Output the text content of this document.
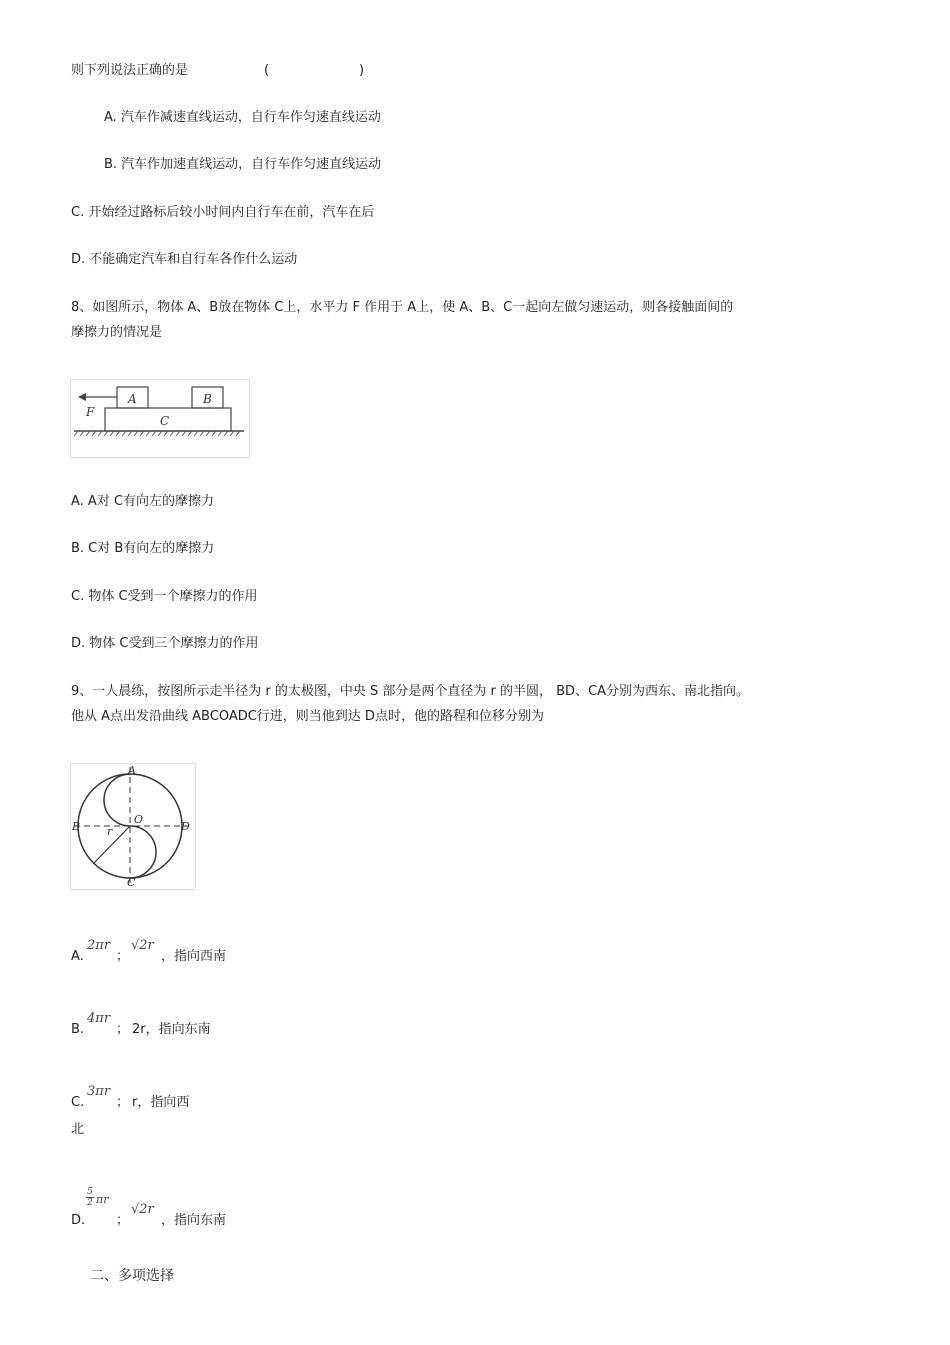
则下列说法正确的是	(	)
A. 汽车作减速直线运动，自行车作匀速直线运动
B. 汽车作加速直线运动，自行车作匀速直线运动
C. 开始经过路标后较小时间内自行车在前，汽车在后
D. 不能确定汽车和自行车各作什么运动
8、如图所示，物体 A、B放在物体 C上，水平力 F 作用于 A上，使 A、B、C一起向左做匀速运动，则各接触面间的
摩擦力的情况是
A	B
C
F
A. A对 C有向左的摩擦力
B. C对 B有向左的摩擦力
C. 物体 C受到一个摩擦力的作用
D. 物体 C受到三个摩擦力的作用
9、一人晨练，按图所示走半径为 r 的太极图，中央 S 部分是两个直径为 r 的半圆， BD、CA分别为西东、南北指向。
他从 A点出发沿曲线 ABCOADC行进，则当他到达 D点时，他的路程和位移分别为
A
B
C
D
O
r
A.
2πr
；
√2r
，指向西南
B.
4πr
； 2r，指向东南
C.
3πr
； r，指向西
北
D.
5
2 πr
；
√2r
，指向东南
二、多项选择
